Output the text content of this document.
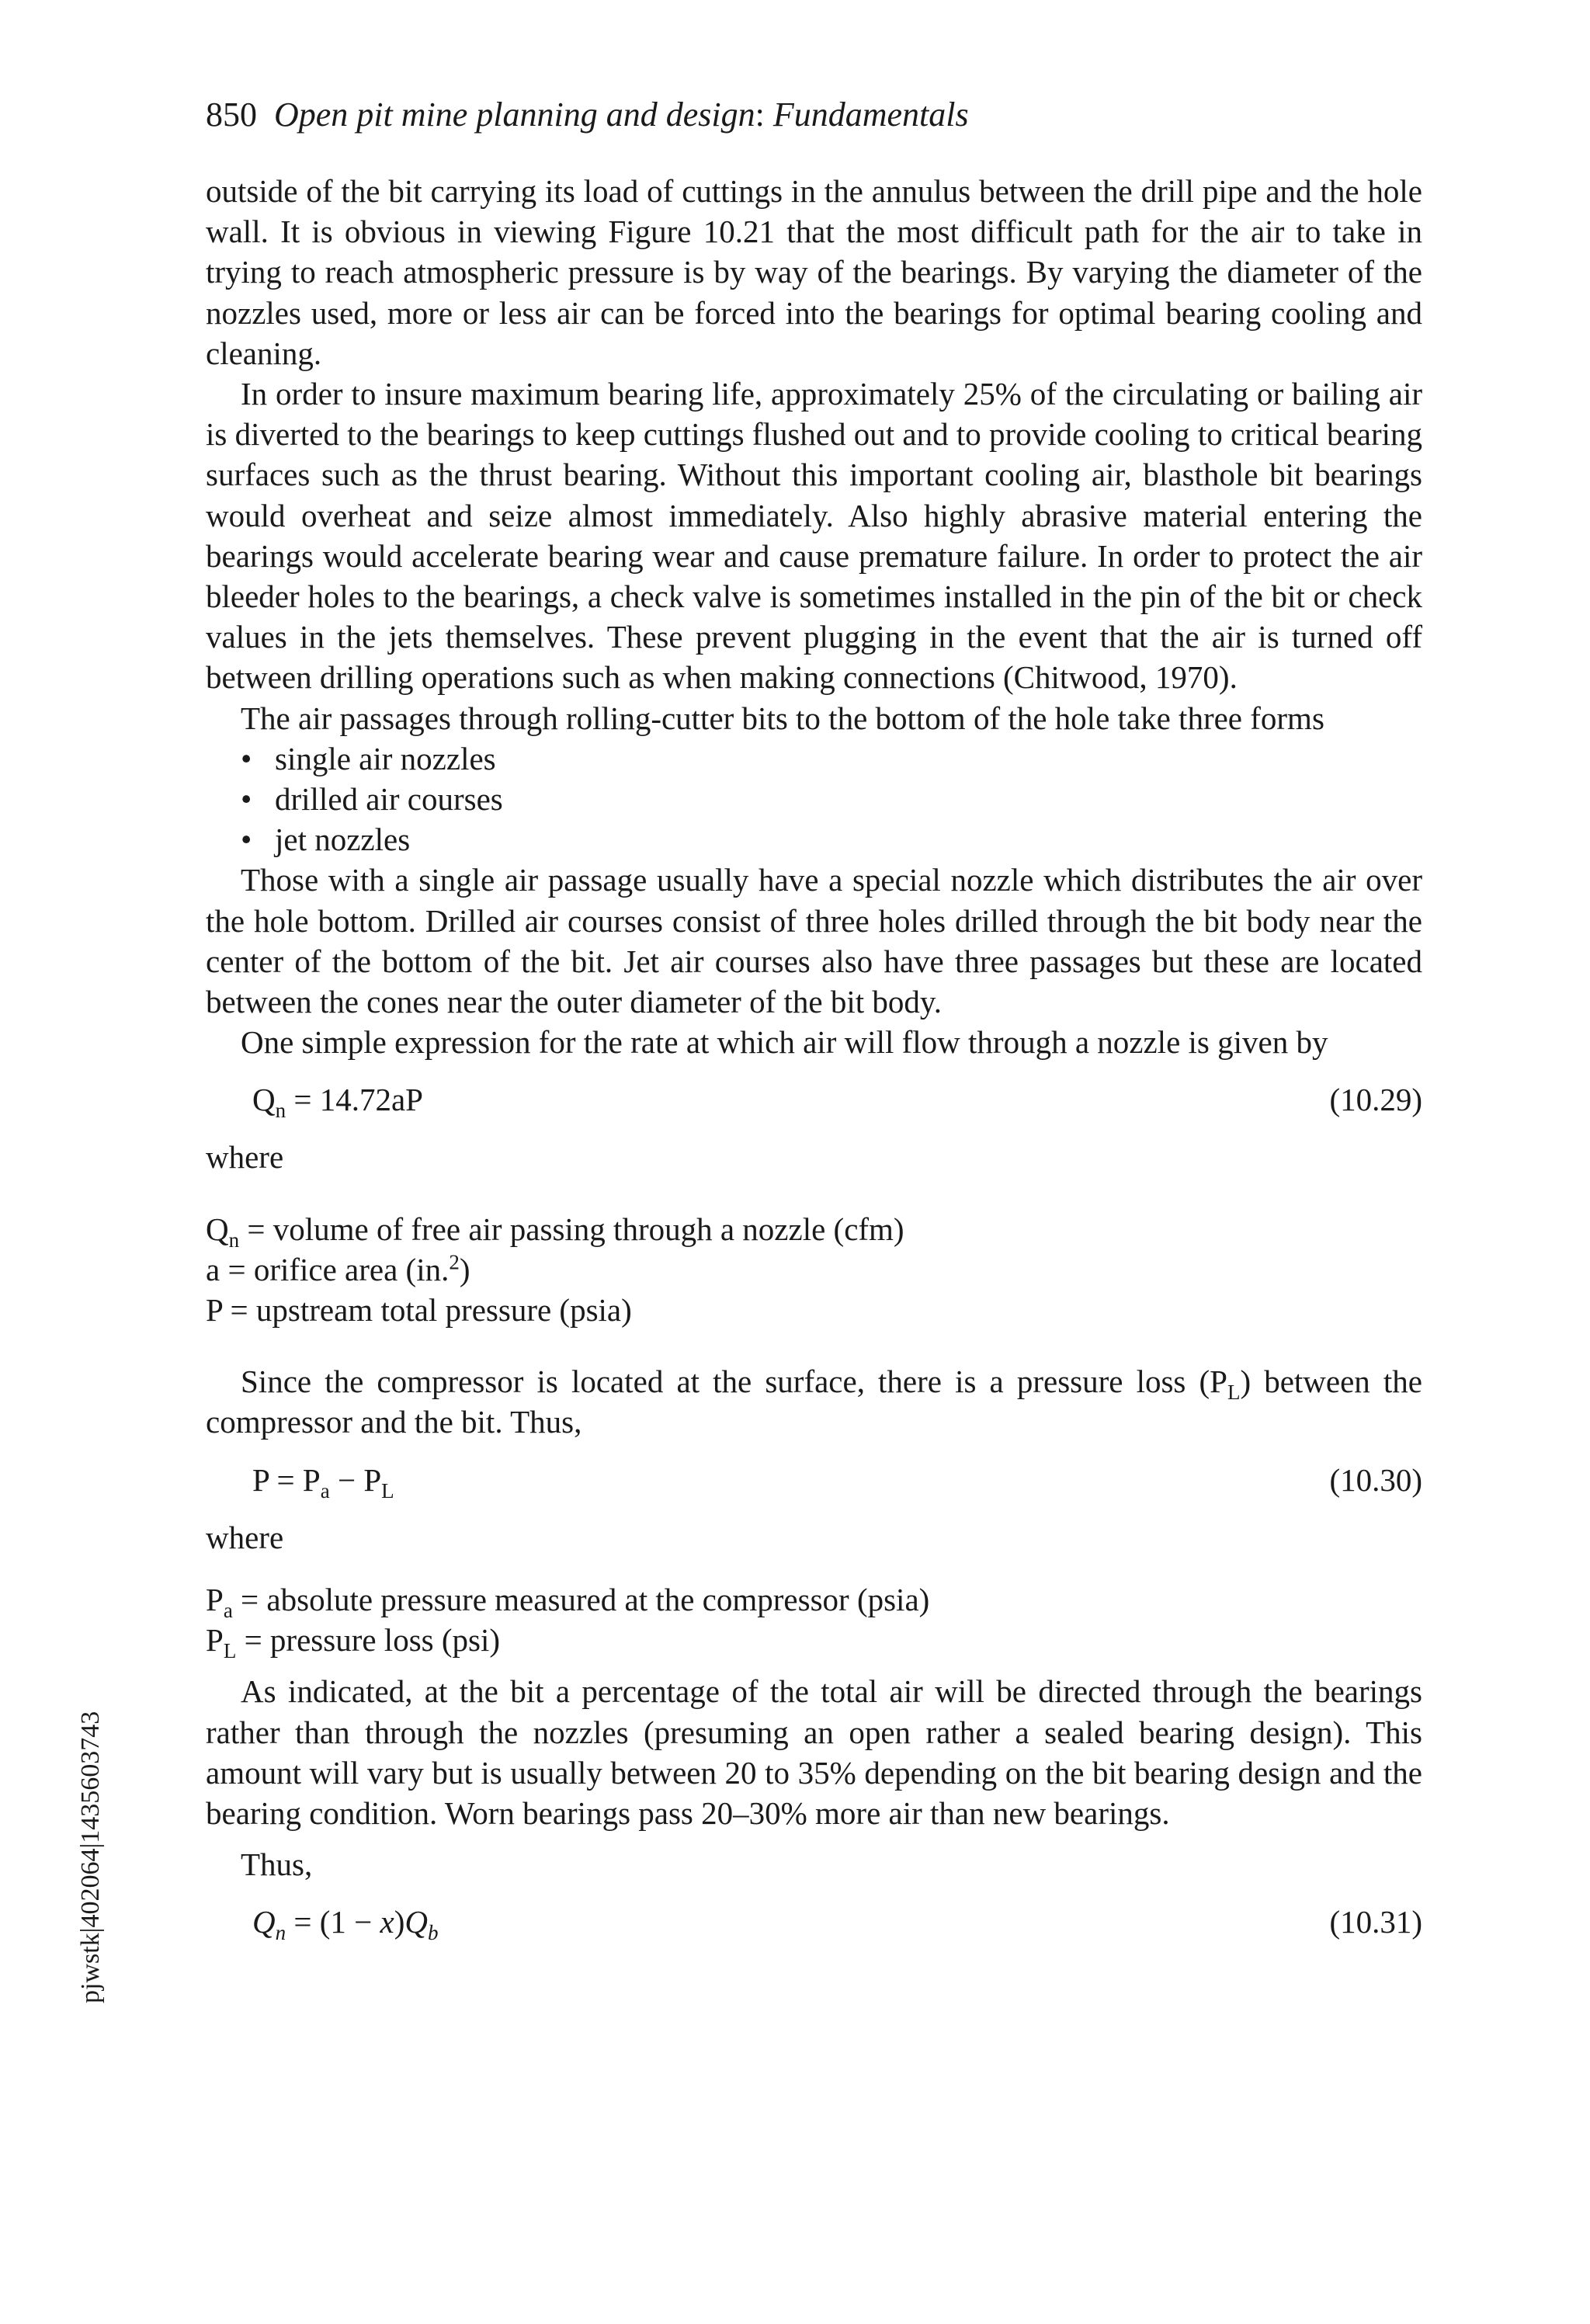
850 Open pit mine planning and design: Fundamentals

outside of the bit carrying its load of cuttings in the annulus between the drill pipe and the hole wall. It is obvious in viewing Figure 10.21 that the most difficult path for the air to take in trying to reach atmospheric pressure is by way of the bearings. By varying the diameter of the nozzles used, more or less air can be forced into the bearings for optimal bearing cooling and cleaning.

In order to insure maximum bearing life, approximately 25% of the circulating or bailing air is diverted to the bearings to keep cuttings flushed out and to provide cooling to critical bearing surfaces such as the thrust bearing. Without this important cooling air, blasthole bit bearings would overheat and seize almost immediately. Also highly abrasive material entering the bearings would accelerate bearing wear and cause premature failure. In order to protect the air bleeder holes to the bearings, a check valve is sometimes installed in the pin of the bit or check values in the jets themselves. These prevent plugging in the event that the air is turned off between drilling operations such as when making connections (Chitwood, 1970).

The air passages through rolling-cutter bits to the bottom of the hole take three forms

• single air nozzles
• drilled air courses
• jet nozzles

Those with a single air passage usually have a special nozzle which distributes the air over the hole bottom. Drilled air courses consist of three holes drilled through the bit body near the center of the bottom of the bit. Jet air courses also have three passages but these are located between the cones near the outer diameter of the bit body.

One simple expression for the rate at which air will flow through a nozzle is given by

$Q_n = 14.72aP$	(10.29)

where

$Q_n$ = volume of free air passing through a nozzle (cfm)
a = orifice area (in.$^2$)
P = upstream total pressure (psia)

Since the compressor is located at the surface, there is a pressure loss $(P_L)$ between the compressor and the bit. Thus,

$P = P_a - P_L$	(10.30)

where

$P_a$ = absolute pressure measured at the compressor (psia)
$P_L$ = pressure loss (psi)

As indicated, at the bit a percentage of the total air will be directed through the bearings rather than through the nozzles (presuming an open rather a sealed bearing design). This amount will vary but is usually between 20 to 35% depending on the bit bearing design and the bearing condition. Worn bearings pass 20–30% more air than new bearings.

Thus,

$Q_n = (1 - x)Q_b$	(10.31)
pjwstk|402064|1435603743
